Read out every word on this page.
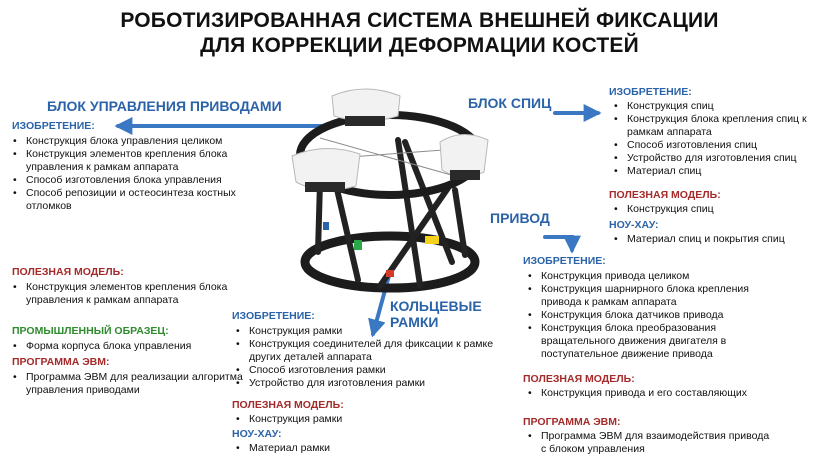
РОБОТИЗИРОВАННАЯ СИСТЕМА ВНЕШНЕЙ ФИКСАЦИИ
ДЛЯ КОРРЕКЦИИ ДЕФОРМАЦИИ КОСТЕЙ
БЛОК УПРАВЛЕНИЯ ПРИВОДАМИ
ИЗОБРЕТЕНИЕ:
• Конструкция блока управления целиком
• Конструкция элементов крепления блока управления к рамкам аппарата
• Способ изготовления блока управления
• Способ репозиции и остеосинтеза костных отломков
ПОЛЕЗНАЯ МОДЕЛЬ:
• Конструкция элементов крепления блока управления к рамкам аппарата
ПРОМЫШЛЕННЫЙ ОБРАЗЕЦ:
• Форма корпуса блока управления
ПРОГРАММА ЭВМ:
• Программа ЭВМ для реализации алгоритма управления приводами
БЛОК СПИЦ
ИЗОБРЕТЕНИЕ:
• Конструкция спиц
• Конструкция блока крепления спиц к рамкам аппарата
• Способ изготовления спиц
• Устройство для изготовления спиц
• Материал спиц
ПОЛЕЗНАЯ МОДЕЛЬ:
• Конструкция спиц
НОУ-ХАУ:
• Материал спиц и покрытия спиц
ПРИВОД
ИЗОБРЕТЕНИЕ:
• Конструкция привода целиком
• Конструкция шарнирного блока крепления привода к рамкам аппарата
• Конструкция блока датчиков привода
• Конструкция блока преобразования вращательного движения двигателя в поступательное движение привода
ПОЛЕЗНАЯ МОДЕЛЬ:
• Конструкция привода и его составляющих
ПРОГРАММА ЭВМ:
• Программа ЭВМ для взаимодействия привода с блоком управления
КОЛЬЦЕВЫЕ
РАМКИ
ИЗОБРЕТЕНИЕ:
• Конструкция рамки
• Конструкция соединителей для фиксации к рамке других деталей аппарата
• Способ изготовления рамки
• Устройство для изготовления рамки
ПОЛЕЗНАЯ МОДЕЛЬ:
• Конструкция рамки
НОУ-ХАУ:
• Материал рамки
